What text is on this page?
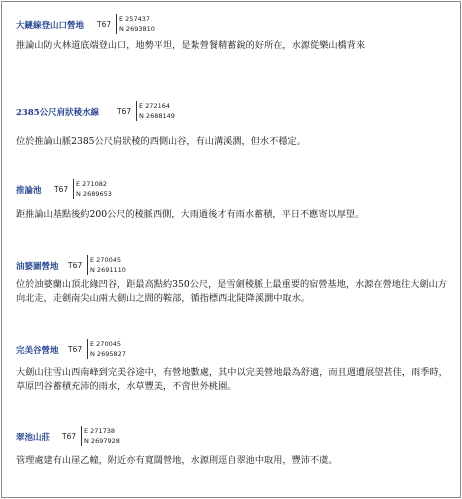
大鏈線登山口營地 T67
E 257437
N 2693810
推論山防火林道底端登山口，地勢平坦，是紮營餐精蓄銳的好所在，水源從樂山橋背來
2385公尺肩狀稜水線 T67
E 272164
N 2688149
位於推論山脈2385公尺肩狀稜的西側山谷，有山溝溪澗，但水不穩定。
推論池 T67
E 271082
N 2689653
距推論山基點後約200公尺的稜脈西側，大雨過後才有雨水蓄積，平日不應寄以厚望。
油婆圖營地 T67
E 270045
N 2691110
位於油婆蘭山頂北緣凹谷，距最高點約350公尺，是雪劍稜脈上最重要的宿營基地，水源在營地往大劍山方向北走，走劍南尖山兩大劍山之間的鞍部，循指標西北陡降溪澗中取水。
完美谷營地 T67
E 270045
N 2695827
大劍山往雪山西南峰到完美谷途中，有營地數處，其中以完美營地最為舒適，而且週遭展望甚佳，雨季時，草原凹谷蓄積充沛的雨水，水草豐美，不啻世外桃園。
翠池山莊 T67
E 271738
N 2697928
管理處建有山崖乙幢，附近亦有寬闊營地，水源則逕自翠池中取用，豐沛不虞。
